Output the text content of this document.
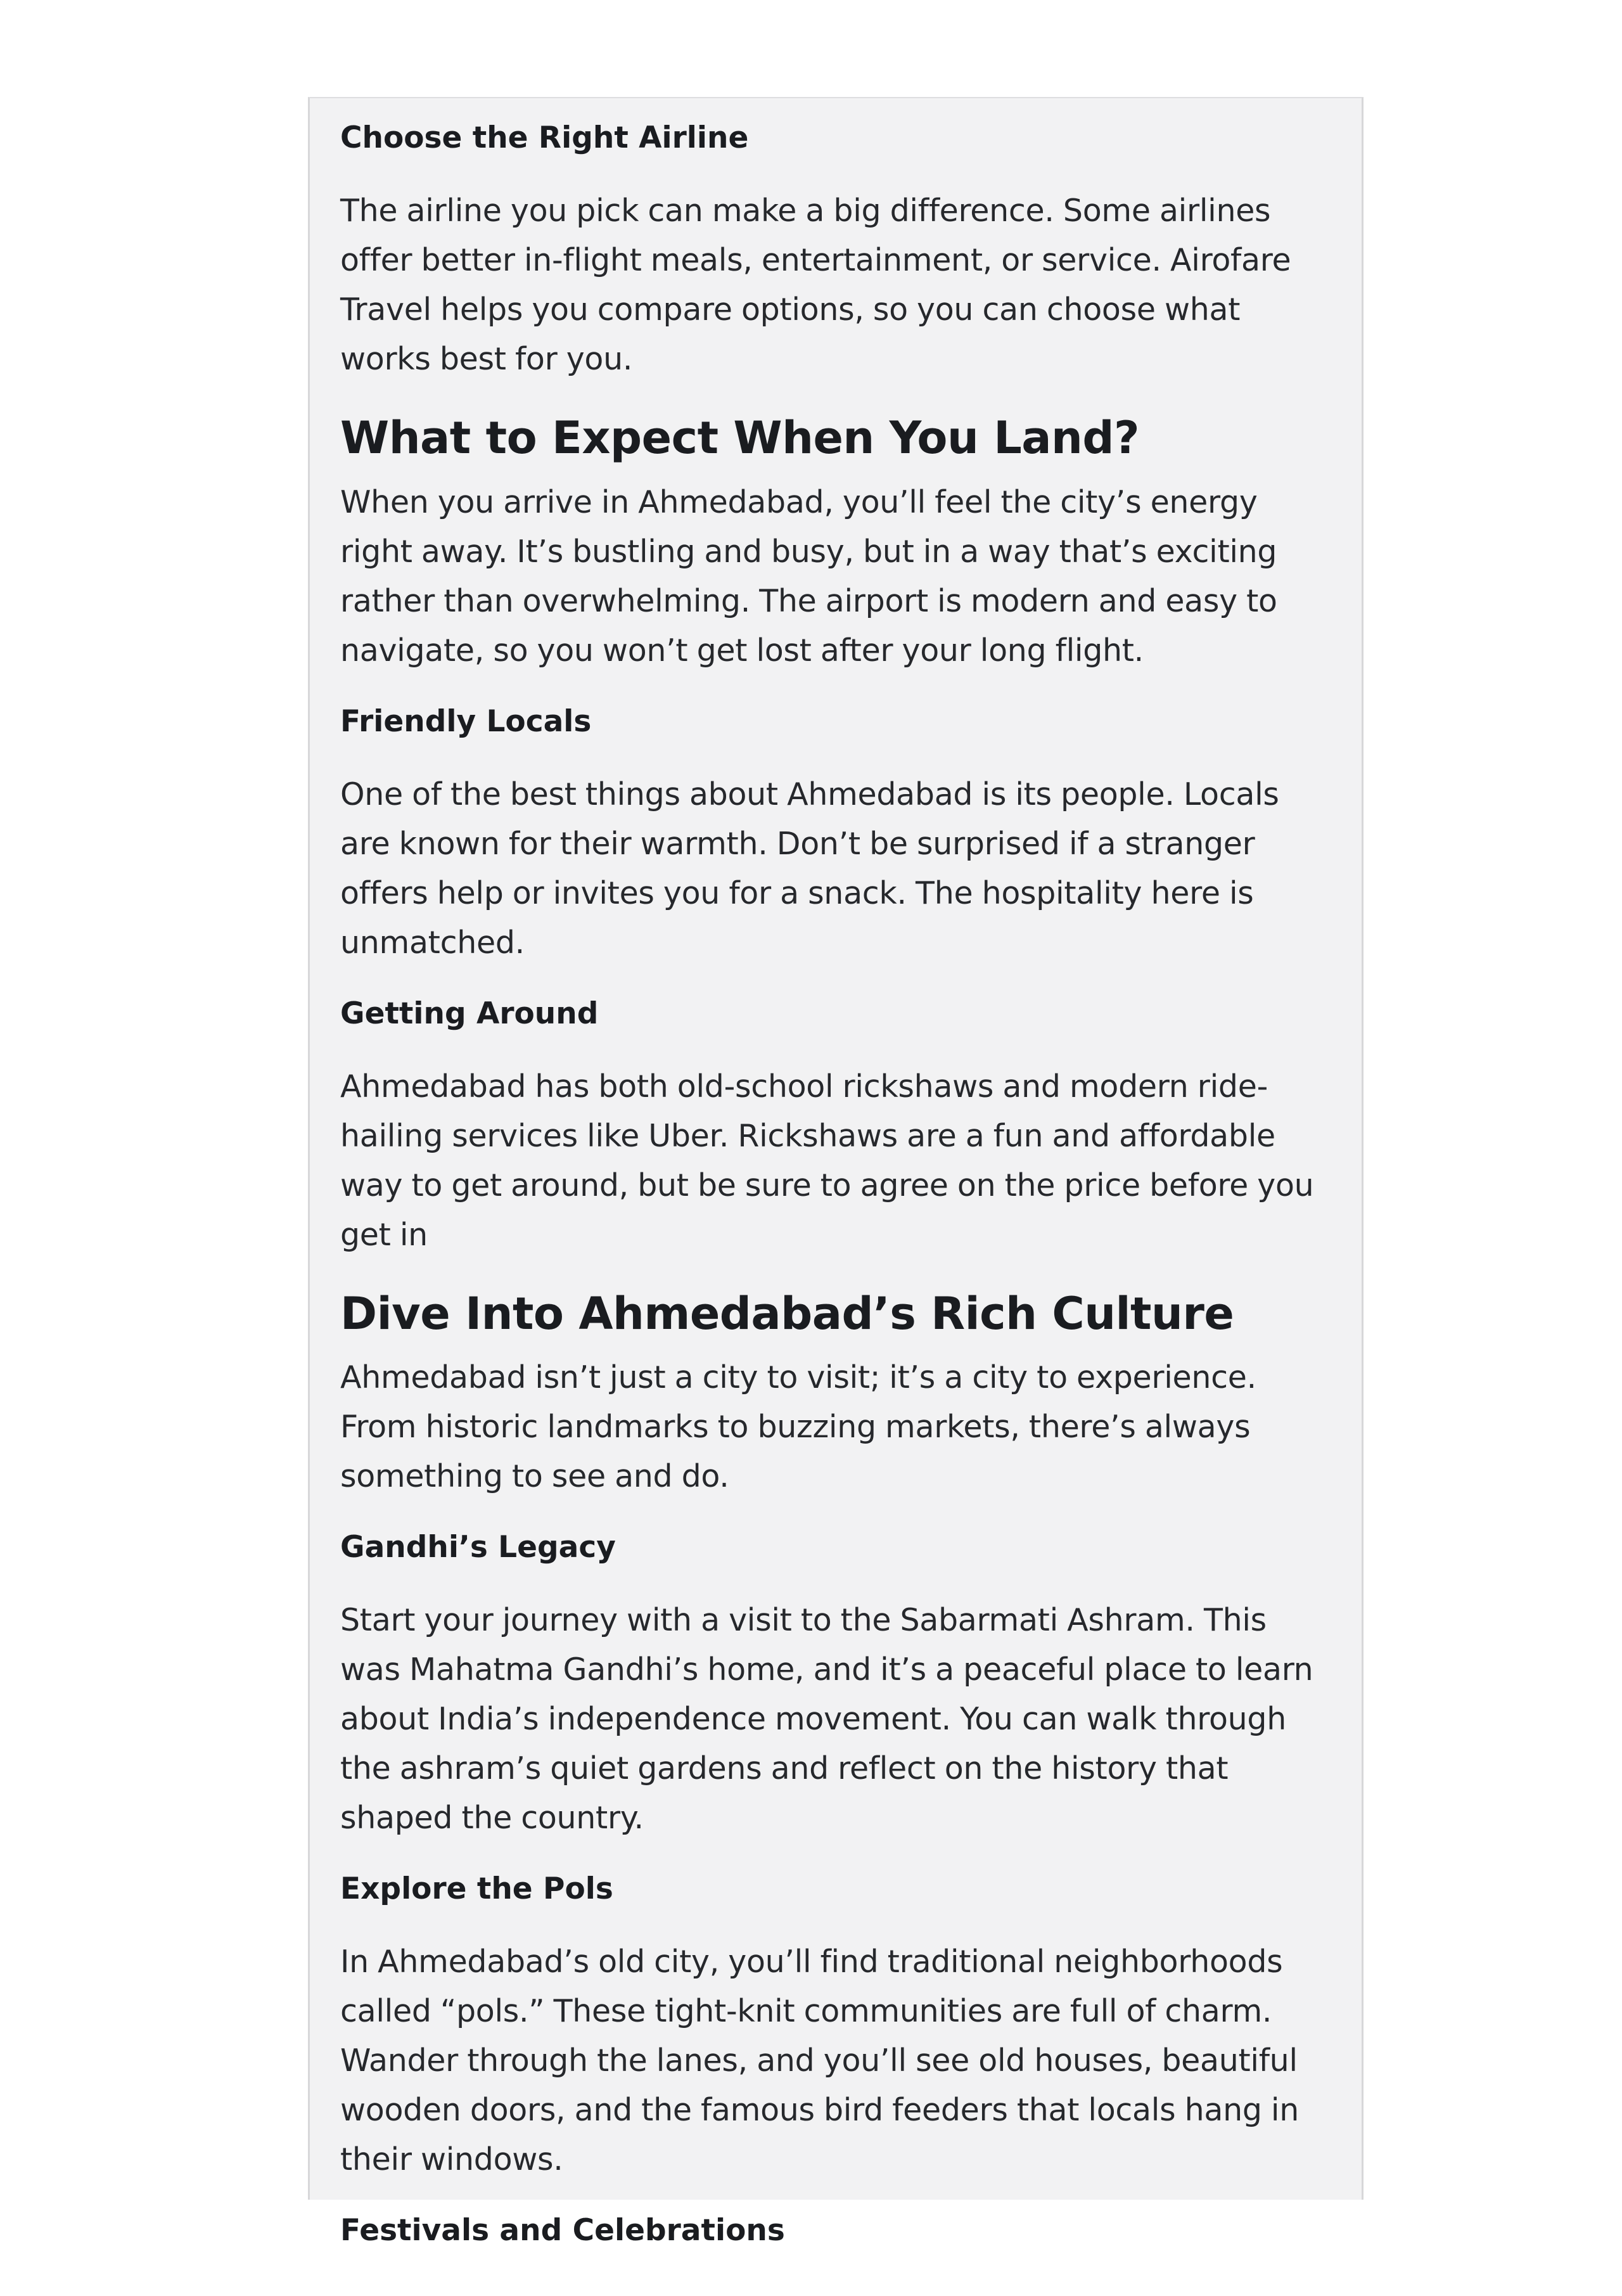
Choose the Right Airline
The airline you pick can make a big difference. Some airlines offer better in-flight meals, entertainment, or service. Airofare Travel helps you compare options, so you can choose what works best for you.
What to Expect When You Land?
When you arrive in Ahmedabad, you’ll feel the city’s energy right away. It’s bustling and busy, but in a way that’s exciting rather than overwhelming. The airport is modern and easy to navigate, so you won’t get lost after your long flight.
Friendly Locals
One of the best things about Ahmedabad is its people. Locals are known for their warmth. Don’t be surprised if a stranger offers help or invites you for a snack. The hospitality here is unmatched.
Getting Around
Ahmedabad has both old-school rickshaws and modern ride-hailing services like Uber. Rickshaws are a fun and affordable way to get around, but be sure to agree on the price before you get in
Dive Into Ahmedabad’s Rich Culture
Ahmedabad isn’t just a city to visit; it’s a city to experience. From historic landmarks to buzzing markets, there’s always something to see and do.
Gandhi’s Legacy
Start your journey with a visit to the Sabarmati Ashram. This was Mahatma Gandhi’s home, and it’s a peaceful place to learn about India’s independence movement. You can walk through the ashram’s quiet gardens and reflect on the history that shaped the country.
Explore the Pols
In Ahmedabad’s old city, you’ll find traditional neighborhoods called “pols.” These tight-knit communities are full of charm. Wander through the lanes, and you’ll see old houses, beautiful wooden doors, and the famous bird feeders that locals hang in their windows.
Festivals and Celebrations
